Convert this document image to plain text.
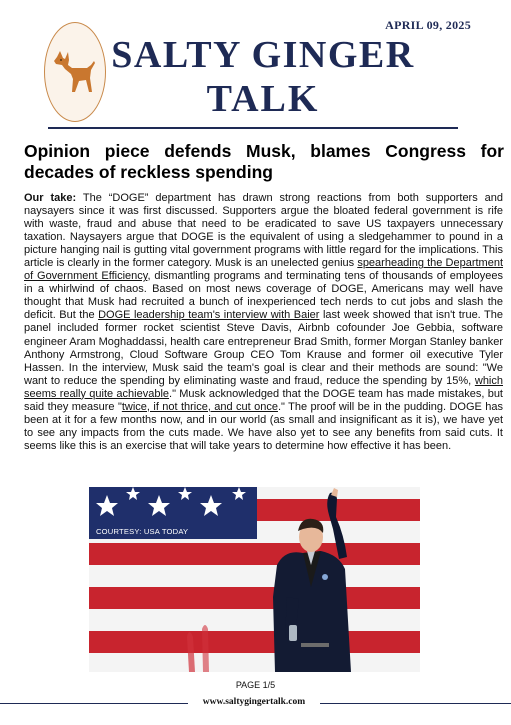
APRIL 09, 2025
SALTY GINGER
TALK
Opinion piece defends Musk, blames Congress for decades of reckless spending
Our take: The “DOGE” department has drawn strong reactions from both supporters and naysayers since it was first discussed. Supporters argue the bloated federal government is rife with waste, fraud and abuse that need to be eradicated to save US taxpayers unnecessary taxation. Naysayers argue that DOGE is the equivalent of using a sledgehammer to pound in a picture hanging nail is gutting vital government programs with little regard for the implications. This article is clearly in the former category. Musk is an unelected genius spearheading the Department of Government Efficiency, dismantling programs and terminating tens of thousands of employees in a whirlwind of chaos. Based on most news coverage of DOGE, Americans may well have thought that Musk had recruited a bunch of inexperienced tech nerds to cut jobs and slash the deficit. But the DOGE leadership team's interview with Baier last week showed that isn't true. The panel included former rocket scientist Steve Davis, Airbnb cofounder Joe Gebbia, software engineer Aram Moghaddassi, health care entrepreneur Brad Smith, former Morgan Stanley banker Anthony Armstrong, Cloud Software Group CEO Tom Krause and former oil executive Tyler Hassen. In the interview, Musk said the team's goal is clear and their methods are sound: "We want to reduce the spending by eliminating waste and fraud, reduce the spending by 15%, which seems really quite achievable." Musk acknowledged that the DOGE team has made mistakes, but said they measure "twice, if not thrice, and cut once." The proof will be in the pudding. DOGE has been at it for a few months now, and in our world (as small and insignificant as it is), we have yet to see any impacts from the cuts made. We have also yet to see any benefits from said cuts. It seems like this is an exercise that will take years to determine how effective it has been.
COURTESY: USA TODAY
PAGE 1/5
www.saltygingertalk.com
